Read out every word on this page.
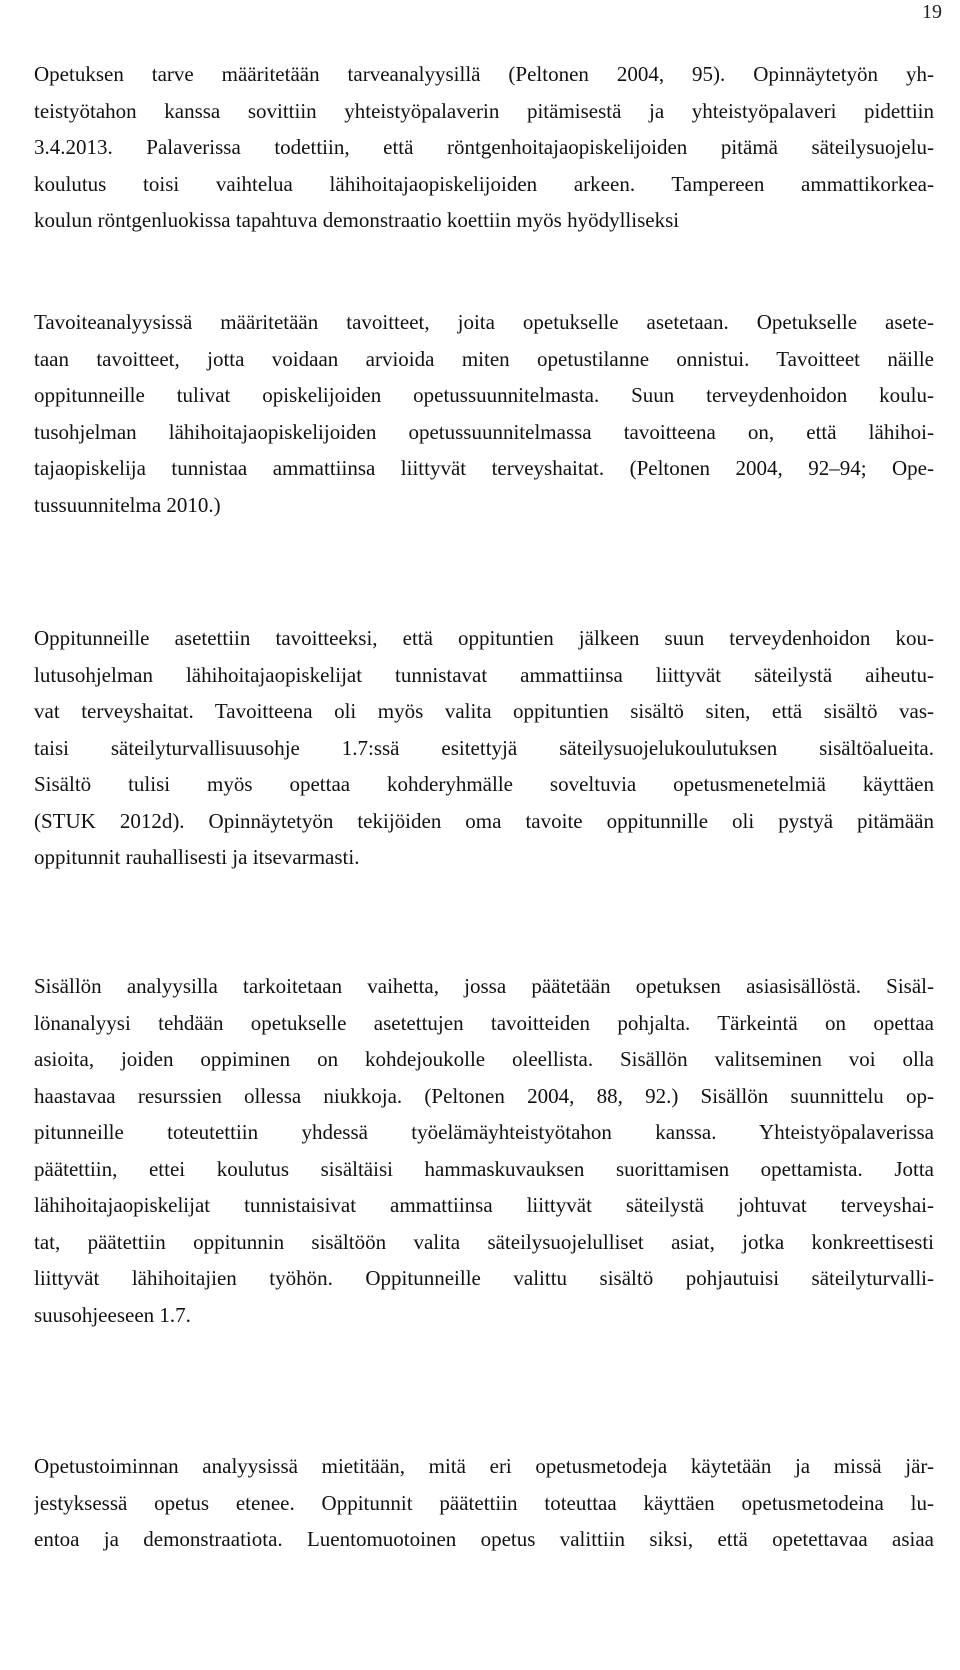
19
Opetuksen tarve määritetään tarveanalyysillä (Peltonen 2004, 95). Opinnäytetyön yh-
teistyötahon kanssa sovittiin yhteistyöpalaverin pitämisestä ja yhteistyöpalaveri pidettiin
3.4.2013. Palaverissa todettiin, että röntgenhoitajaopiskelijoiden pitämä säteilysuojelu-
koulutus toisi vaihtelua lähihoitajaopiskelijoiden arkeen. Tampereen ammattikorkea-
koulun röntgenluokissa tapahtuva demonstraatio koettiin myös hyödylliseksi
Tavoiteanalyysissä määritetään tavoitteet, joita opetukselle asetetaan. Opetukselle asete-
taan tavoitteet, jotta voidaan arvioida miten opetustilanne onnistui. Tavoitteet näille
oppitunneille tulivat opiskelijoiden opetussuunnitelmasta. Suun terveydenhoidon koulu-
tusohjelman lähihoitajaopiskelijoiden opetussuunnitelmassa tavoitteena on, että lähihoi-
tajaopiskelija tunnistaa ammattiinsa liittyvät terveyshaitat. (Peltonen 2004, 92–94; Ope-
tussuunnitelma 2010.)
Oppitunneille asetettiin tavoitteeksi, että oppituntien jälkeen suun terveydenhoidon kou-
lutusohjelman lähihoitajaopiskelijat tunnistavat ammattiinsa liittyvät säteilystä aiheutu-
vat terveyshaitat. Tavoitteena oli myös valita oppituntien sisältö siten, että sisältö vas-
taisi säteilyturvallisuusohje 1.7:ssä esitettyjä säteilysuojelukoulutuksen sisältöalueita.
Sisältö tulisi myös opettaa kohderyhmälle soveltuvia opetusmenetelmiä käyttäen
(STUK 2012d). Opinnäytetyön tekijöiden oma tavoite oppitunnille oli pystyä pitämään
oppitunnit rauhallisesti ja itsevarmasti.
Sisällön analyysilla tarkoitetaan vaihetta, jossa päätetään opetuksen asiasisällöstä. Sisäl-
lönanalyysi tehdään opetukselle asetettujen tavoitteiden pohjalta. Tärkeintä on opettaa
asioita, joiden oppiminen on kohdejoukolle oleellista. Sisällön valitseminen voi olla
haastavaa resurssien ollessa niukkoja. (Peltonen 2004, 88, 92.) Sisällön suunnittelu op-
pitunneille toteutettiin yhdessä työelämäyhteistyötahon kanssa. Yhteistyöpalaverissa
päätettiin, ettei koulutus sisältäisi hammaskuvauksen suorittamisen opettamista. Jotta
lähihoitajaopiskelijat tunnistaisivat ammattiinsa liittyvät säteilystä johtuvat terveyshai-
tat, päätettiin oppitunnin sisältöön valita säteilysuojelulliset asiat, jotka konkreettisesti
liittyvät lähihoitajien työhön. Oppitunneille valittu sisältö pohjautuisi säteilyturvalli-
suusohjeeseen 1.7.
Opetustoiminnan analyysissä mietitään, mitä eri opetusmetodeja käytetään ja missä jär-
jestyksessä opetus etenee. Oppitunnit päätettiin toteuttaa käyttäen opetusmetodeina lu-
entoa ja demonstraatiota. Luentomuotoinen opetus valittiin siksi, että opetettavaa asiaa
